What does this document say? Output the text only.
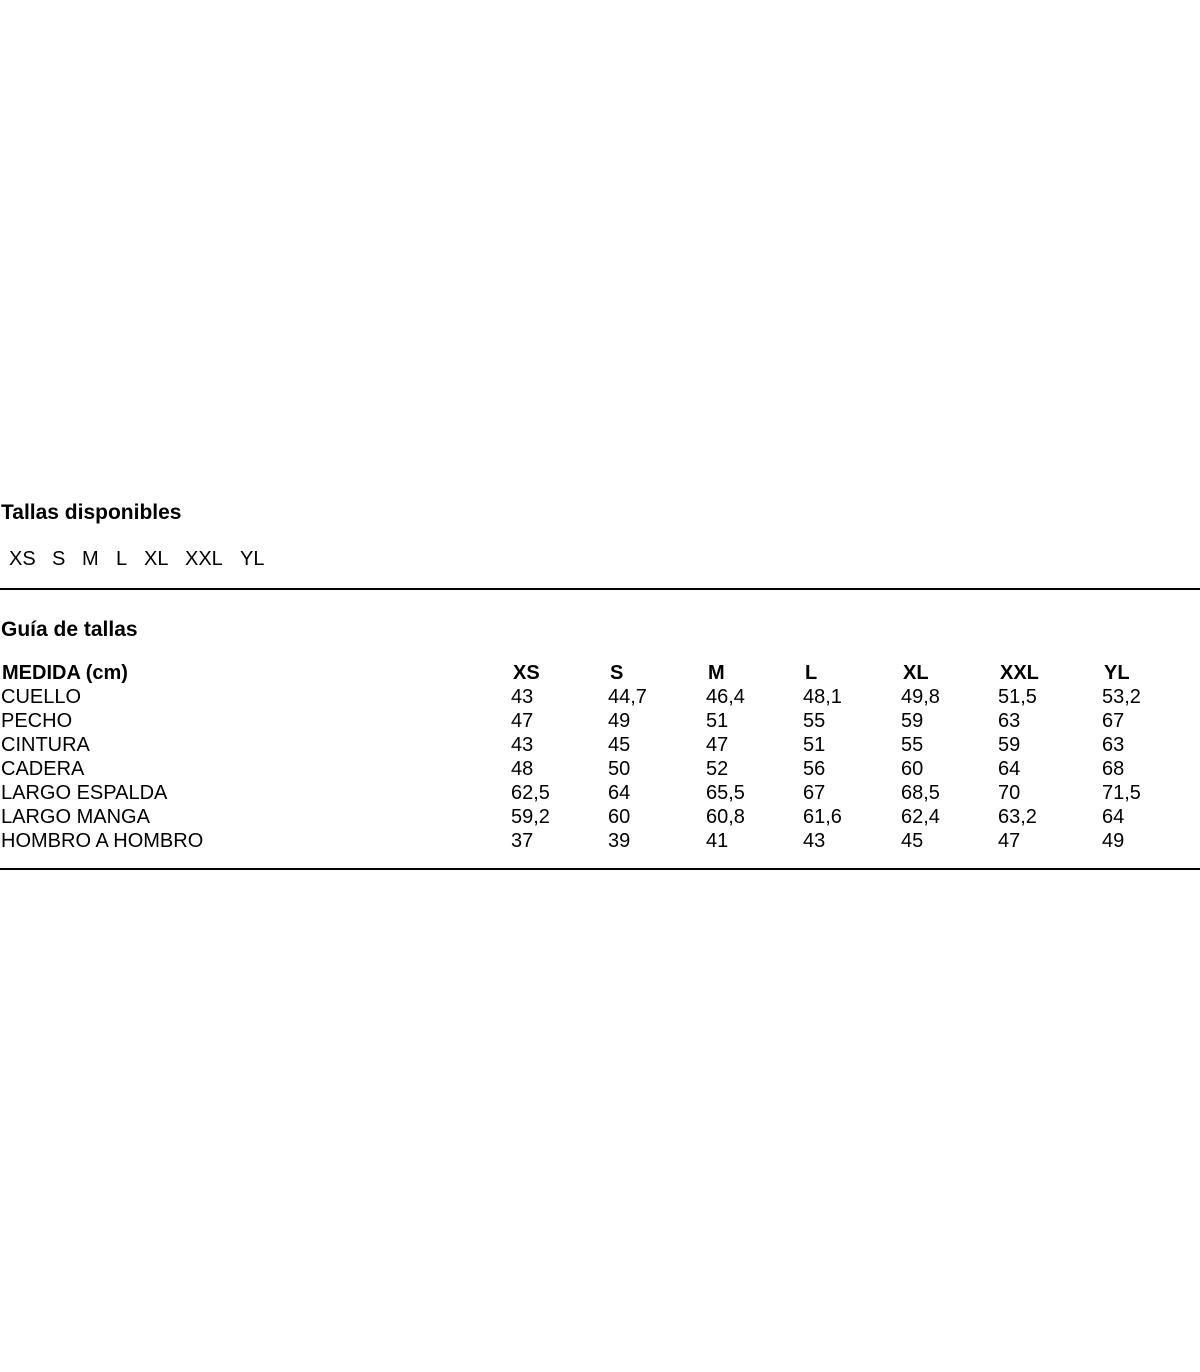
Tallas disponibles
XS S M L XL XXL YL
Guía de tallas
MEDIDA (cm)	XS	S	M	L	XL	XXL	YL
CUELLO	43	44,7	46,4	48,1	49,8	51,5	53,2
PECHO	47	49	51	55	59	63	67
CINTURA	43	45	47	51	55	59	63
CADERA	48	50	52	56	60	64	68
LARGO ESPALDA	62,5	64	65,5	67	68,5	70	71,5
LARGO MANGA	59,2	60	60,8	61,6	62,4	63,2	64
HOMBRO A HOMBRO	37	39	41	43	45	47	49
